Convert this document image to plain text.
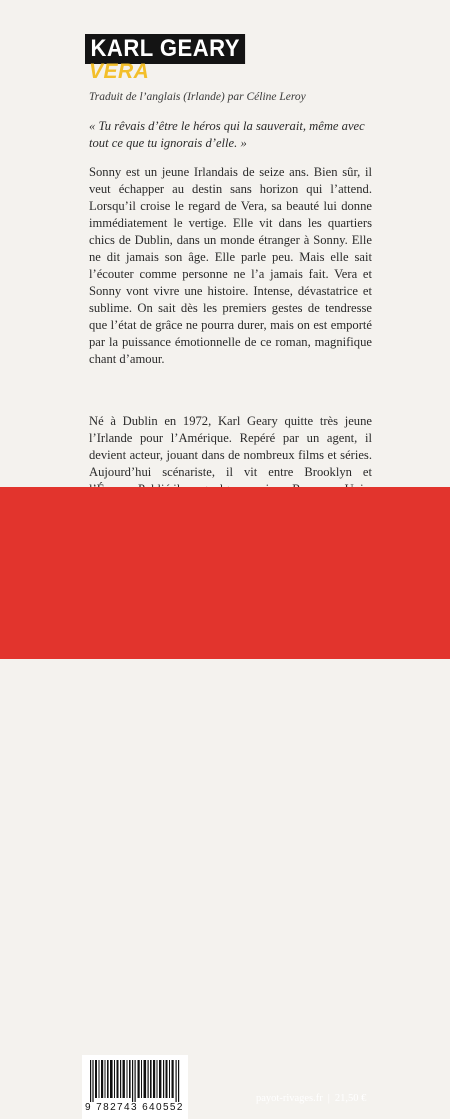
KARL GEARY
VERA
Traduit de l’anglais (Irlande) par Céline Leroy
« Tu rêvais d’être le héros qui la sauverait, même avec tout ce que tu ignorais d’elle. »
Sonny est un jeune Irlandais de seize ans. Bien sûr, il veut échapper au destin sans horizon qui l’attend. Lorsqu’il croise le regard de Vera, sa beauté lui donne immédiatement le vertige. Elle vit dans les quartiers chics de Dublin, dans un monde étranger à Sonny. Elle ne dit jamais son âge. Elle parle peu. Mais elle sait l’écouter comme personne ne l’a jamais fait. Vera et Sonny vont vivre une histoire. Intense, dévastatrice et sublime. On sait dès les premiers gestes de tendresse que l’état de grâce ne pourra durer, mais on est emporté par la puissance émotionnelle de ce roman, magnifique chant d’amour.
Né à Dublin en 1972, Karl Geary quitte très jeune l’Irlande pour l’Amérique. Repéré par un agent, il devient acteur, jouant dans de nombreux films et séries. Aujourd’hui scénariste, il vit entre Brooklyn et
9 782743 640552
payot-rivages.fr | 21,50 €
